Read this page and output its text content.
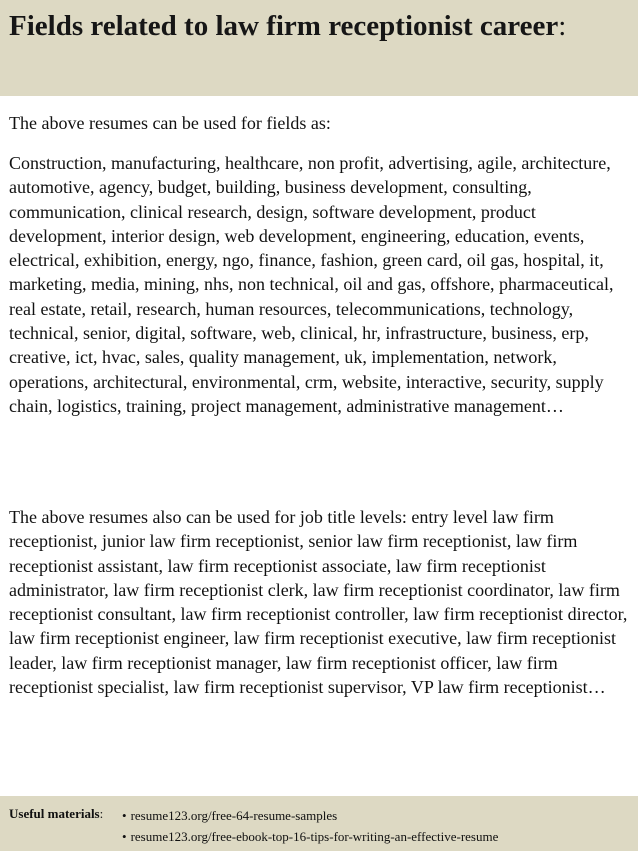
Fields related to law firm receptionist career:

The above resumes can be used for fields as:

Construction, manufacturing, healthcare, non profit, advertising, agile, architecture, automotive, agency, budget, building, business development, consulting, communication, clinical research, design, software development, product development, interior design, web development, engineering, education, events, electrical, exhibition, energy, ngo, finance, fashion, green card, oil gas, hospital, it, marketing, media, mining, nhs, non technical, oil and gas, offshore, pharmaceutical, real estate, retail, research, human resources, telecommunications, technology, technical, senior, digital, software, web, clinical, hr, infrastructure, business, erp, creative, ict, hvac, sales, quality management, uk, implementation, network, operations, architectural, environmental, crm, website, interactive, security, supply chain, logistics, training, project management, administrative management…

The above resumes also can be used for job title levels: entry level law firm receptionist, junior law firm receptionist, senior law firm receptionist, law firm receptionist assistant, law firm receptionist associate, law firm receptionist administrator, law firm receptionist clerk, law firm receptionist coordinator, law firm receptionist consultant, law firm receptionist controller, law firm receptionist director, law firm receptionist engineer, law firm receptionist executive, law firm receptionist leader, law firm receptionist manager, law firm receptionist officer, law firm receptionist specialist, law firm receptionist supervisor, VP law firm receptionist…

Useful materials: • resume123.org/free-64-resume-samples
• resume123.org/free-ebook-top-16-tips-for-writing-an-effective-resume
